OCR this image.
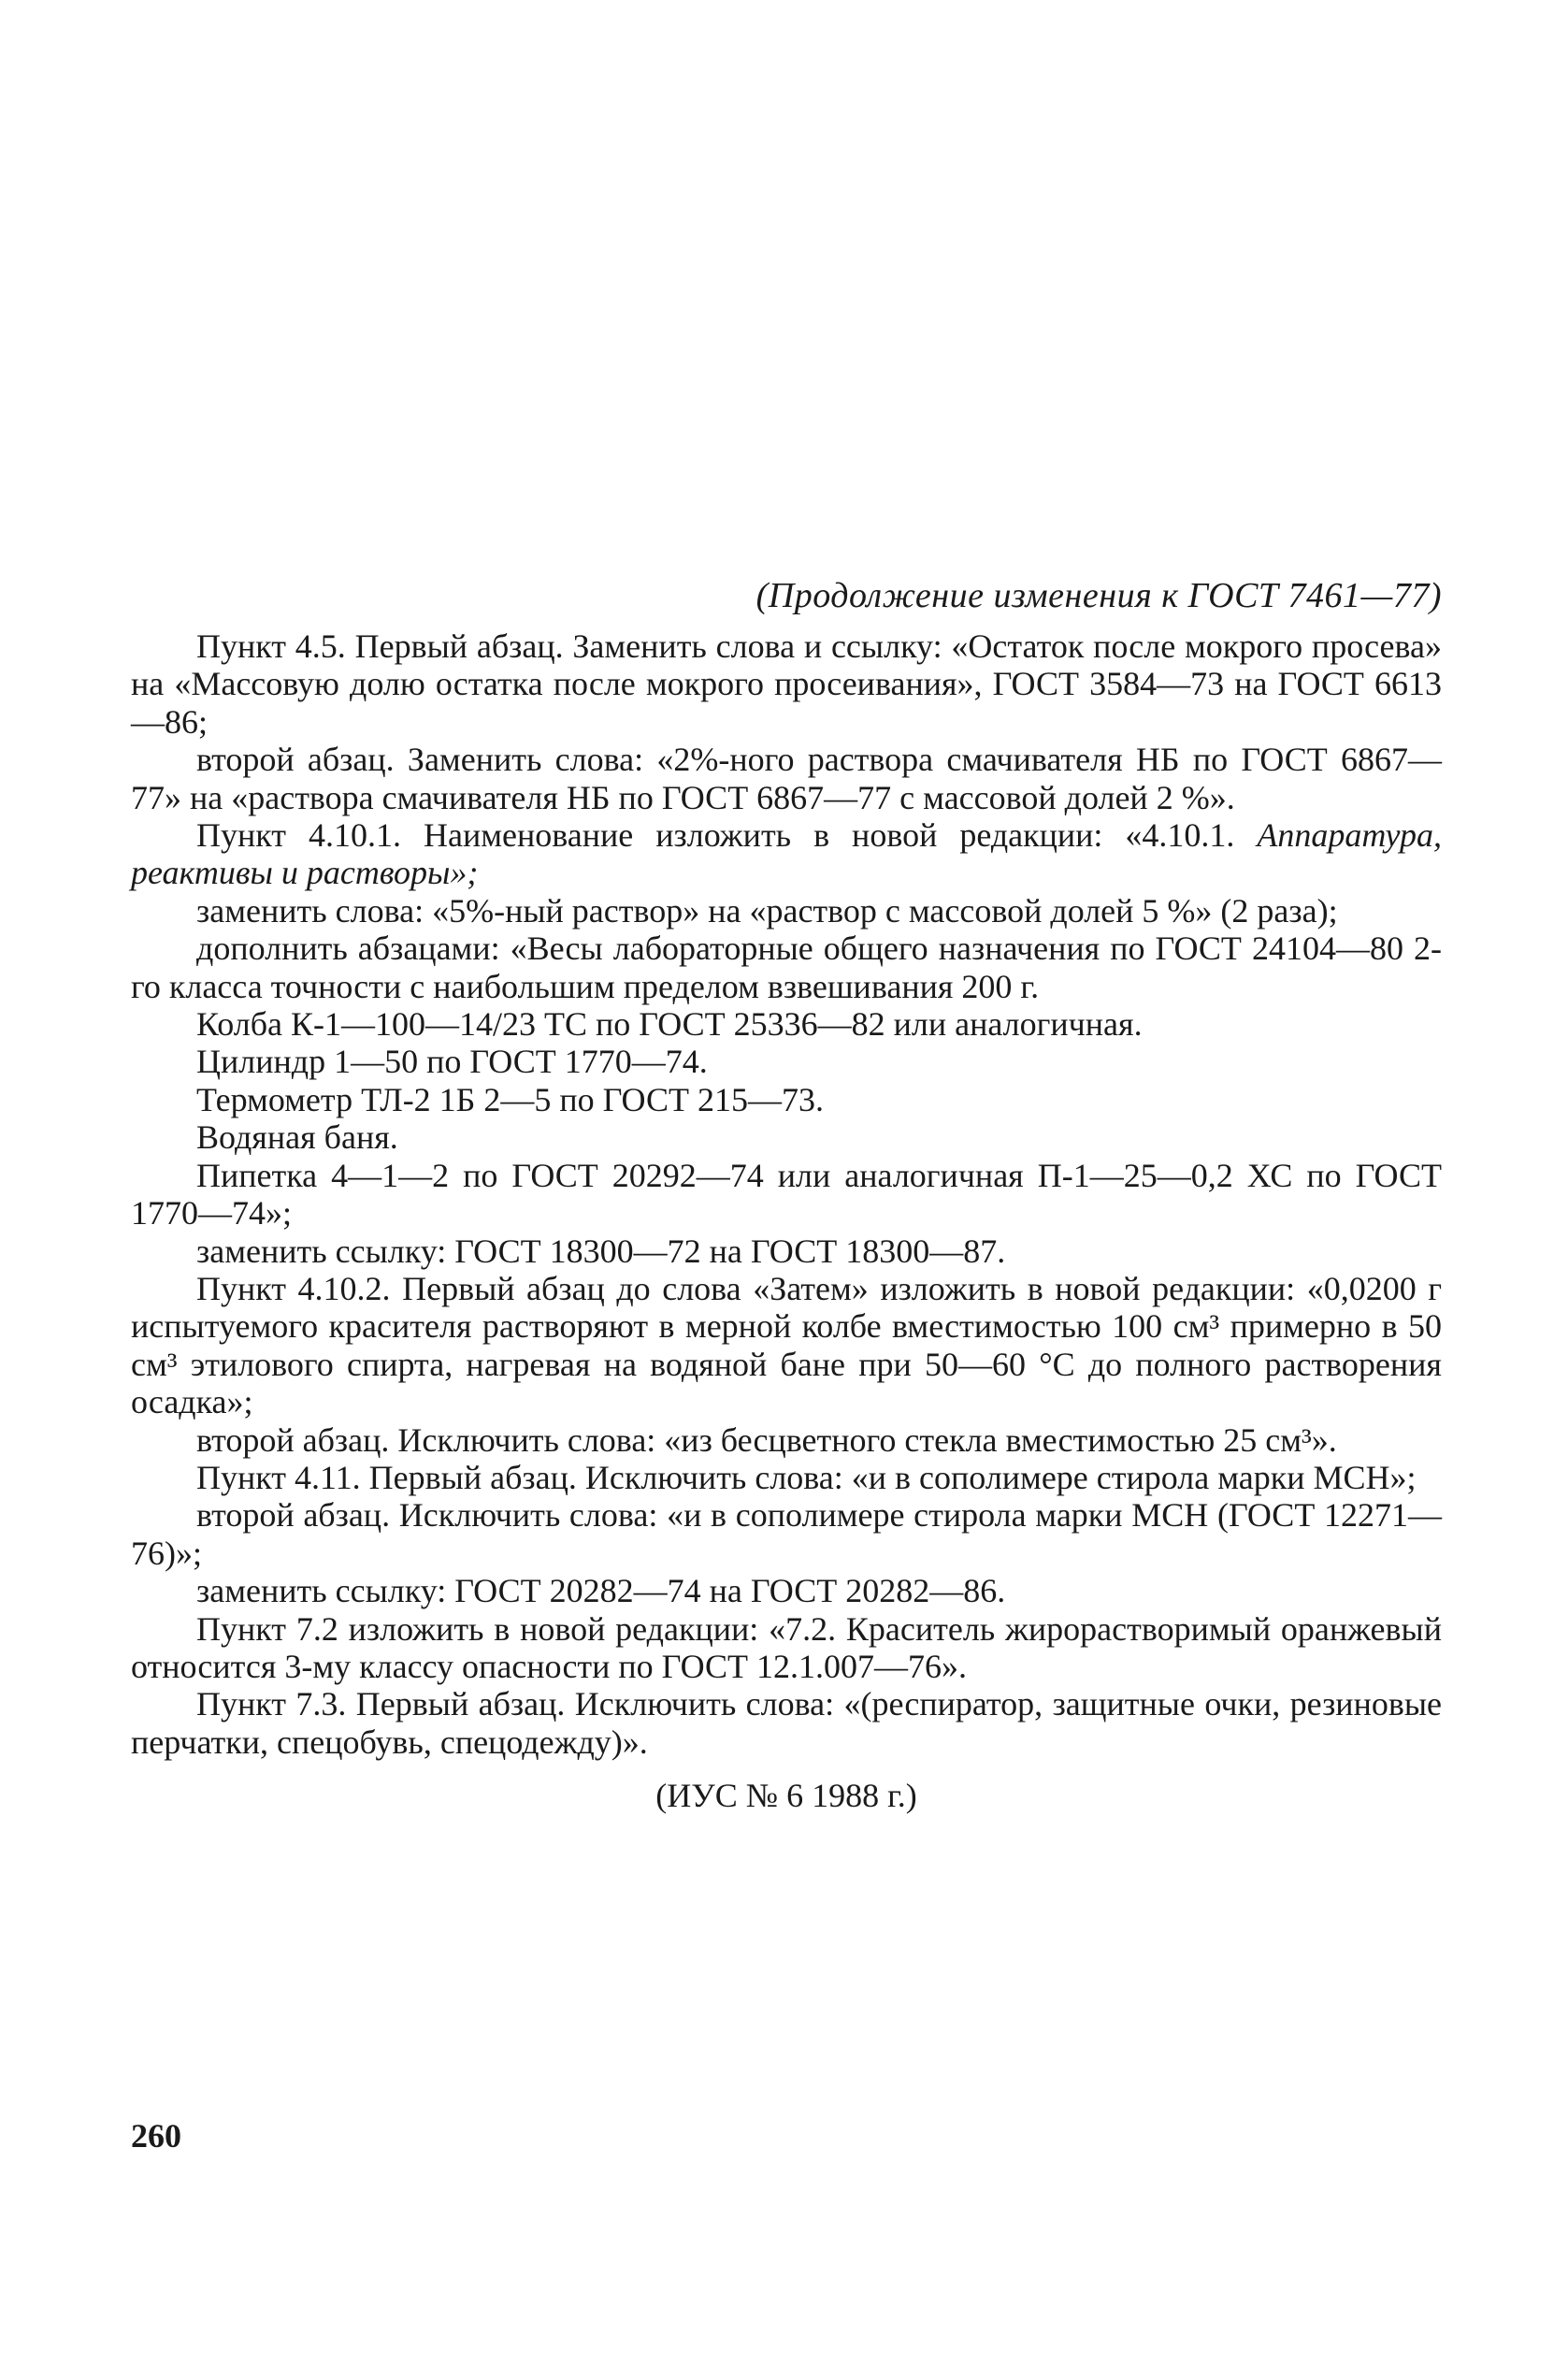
(Продолжение изменения к ГОСТ 7461—77)

Пункт 4.5. Первый абзац. Заменить слова и ссылку: «Остаток после мокрого просева» на «Массовую долю остатка после мокрого просеивания», ГОСТ 3584—73 на ГОСТ 6613—86;

второй абзац. Заменить слова: «2%-ного раствора смачивателя НБ по ГОСТ 6867—77» на «раствора смачивателя НБ по ГОСТ 6867—77 с массовой долей 2 %».

Пункт 4.10.1. Наименование изложить в новой редакции: «4.10.1. Аппаратура, реактивы и растворы»;

заменить слова: «5%-ный раствор» на «раствор с массовой долей 5 %» (2 раза);

дополнить абзацами: «Весы лабораторные общего назначения по ГОСТ 24104—80 2-го класса точности с наибольшим пределом взвешивания 200 г.

Колба К-1—100—14/23 ТС по ГОСТ 25336—82 или аналогичная.

Цилиндр 1—50 по ГОСТ 1770—74.

Термометр ТЛ-2 1Б 2—5 по ГОСТ 215—73.

Водяная баня.

Пипетка 4—1—2 по ГОСТ 20292—74 или аналогичная П-1—25—0,2 ХС по ГОСТ 1770—74»;

заменить ссылку: ГОСТ 18300—72 на ГОСТ 18300—87.

Пункт 4.10.2. Первый абзац до слова «Затем» изложить в новой редакции: «0,0200 г испытуемого красителя растворяют в мерной колбе вместимостью 100 см³ примерно в 50 см³ этилового спирта, нагревая на водяной бане при 50—60 °С до полного растворения осадка»;

второй абзац. Исключить слова: «из бесцветного стекла вместимостью 25 см³».

Пункт 4.11. Первый абзац. Исключить слова: «и в сополимере стирола марки МСН»;

второй абзац. Исключить слова: «и в сополимере стирола марки МСН (ГОСТ 12271—76)»;

заменить ссылку: ГОСТ 20282—74 на ГОСТ 20282—86.

Пункт 7.2 изложить в новой редакции: «7.2. Краситель жирорастворимый оранжевый относится 3-му классу опасности по ГОСТ 12.1.007—76».

Пункт 7.3. Первый абзац. Исключить слова: «(респиратор, защитные очки, резиновые перчатки, спецобувь, спецодежду)».

(ИУС № 6 1988 г.)
260
